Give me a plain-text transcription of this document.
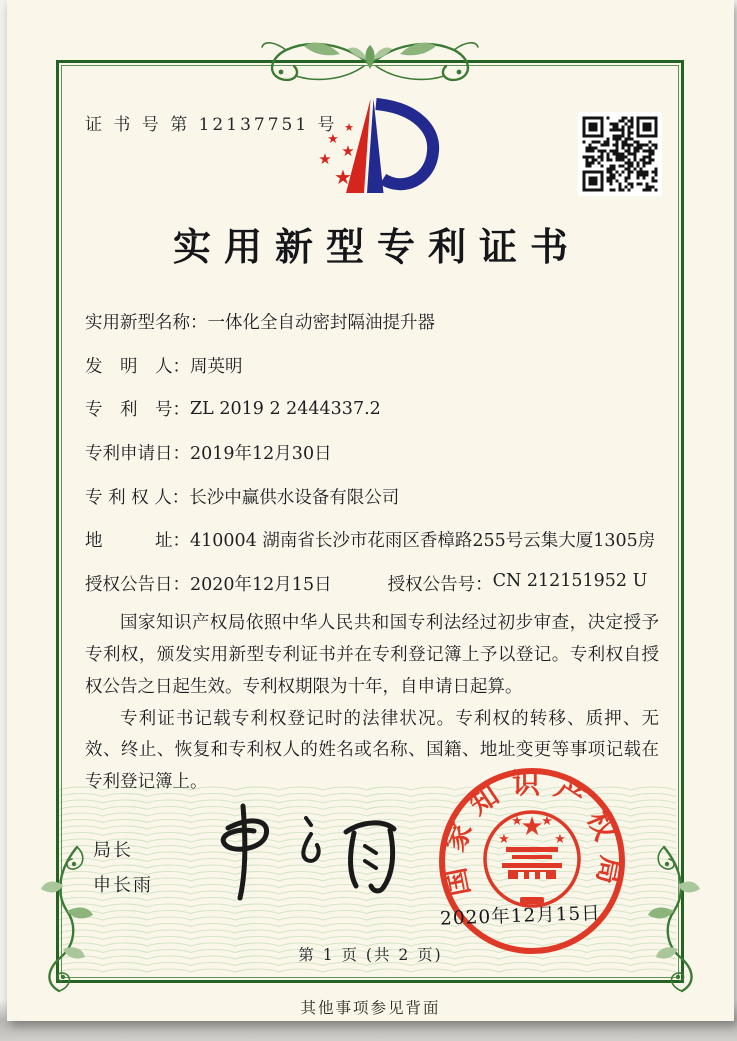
证 书 号 第 12137751 号 ★
★
★
★
★
实用新型专利证书
实用新型名称： 一体化全自动密封隔油提升器
发　明　人： 周英明
专　利　号： ZL 2019 2 2444337.2
专利申请日： 2019年12月30日
专 利 权 人： 长沙中赢供水设备有限公司
地　　　址： 410004 湖南省长沙市花雨区香樟路255号云集大厦1305房
授权公告日： 2020年12月15日	授权公告号： CN 212151952 U

国家知识产权局依照中华人民共和国专利法经过初步审查，决定授予专利权，颁发实用新型专利证书并在专利登记簿上予以登记。专利权自授权公告之日起生效。专利权期限为十年，自申请日起算。

专利证书记载专利权登记时的法律状况。专利权的转移、质押、无效、终止、恢复和专利权人的姓名或名称、国籍、地址变更等事项记载在专利登记簿上。

局长
申长雨	国家知识产权局
★
★
★ ★
★
2020年12月15日
第 1 页 (共 2 页)
其他事项参见背面
